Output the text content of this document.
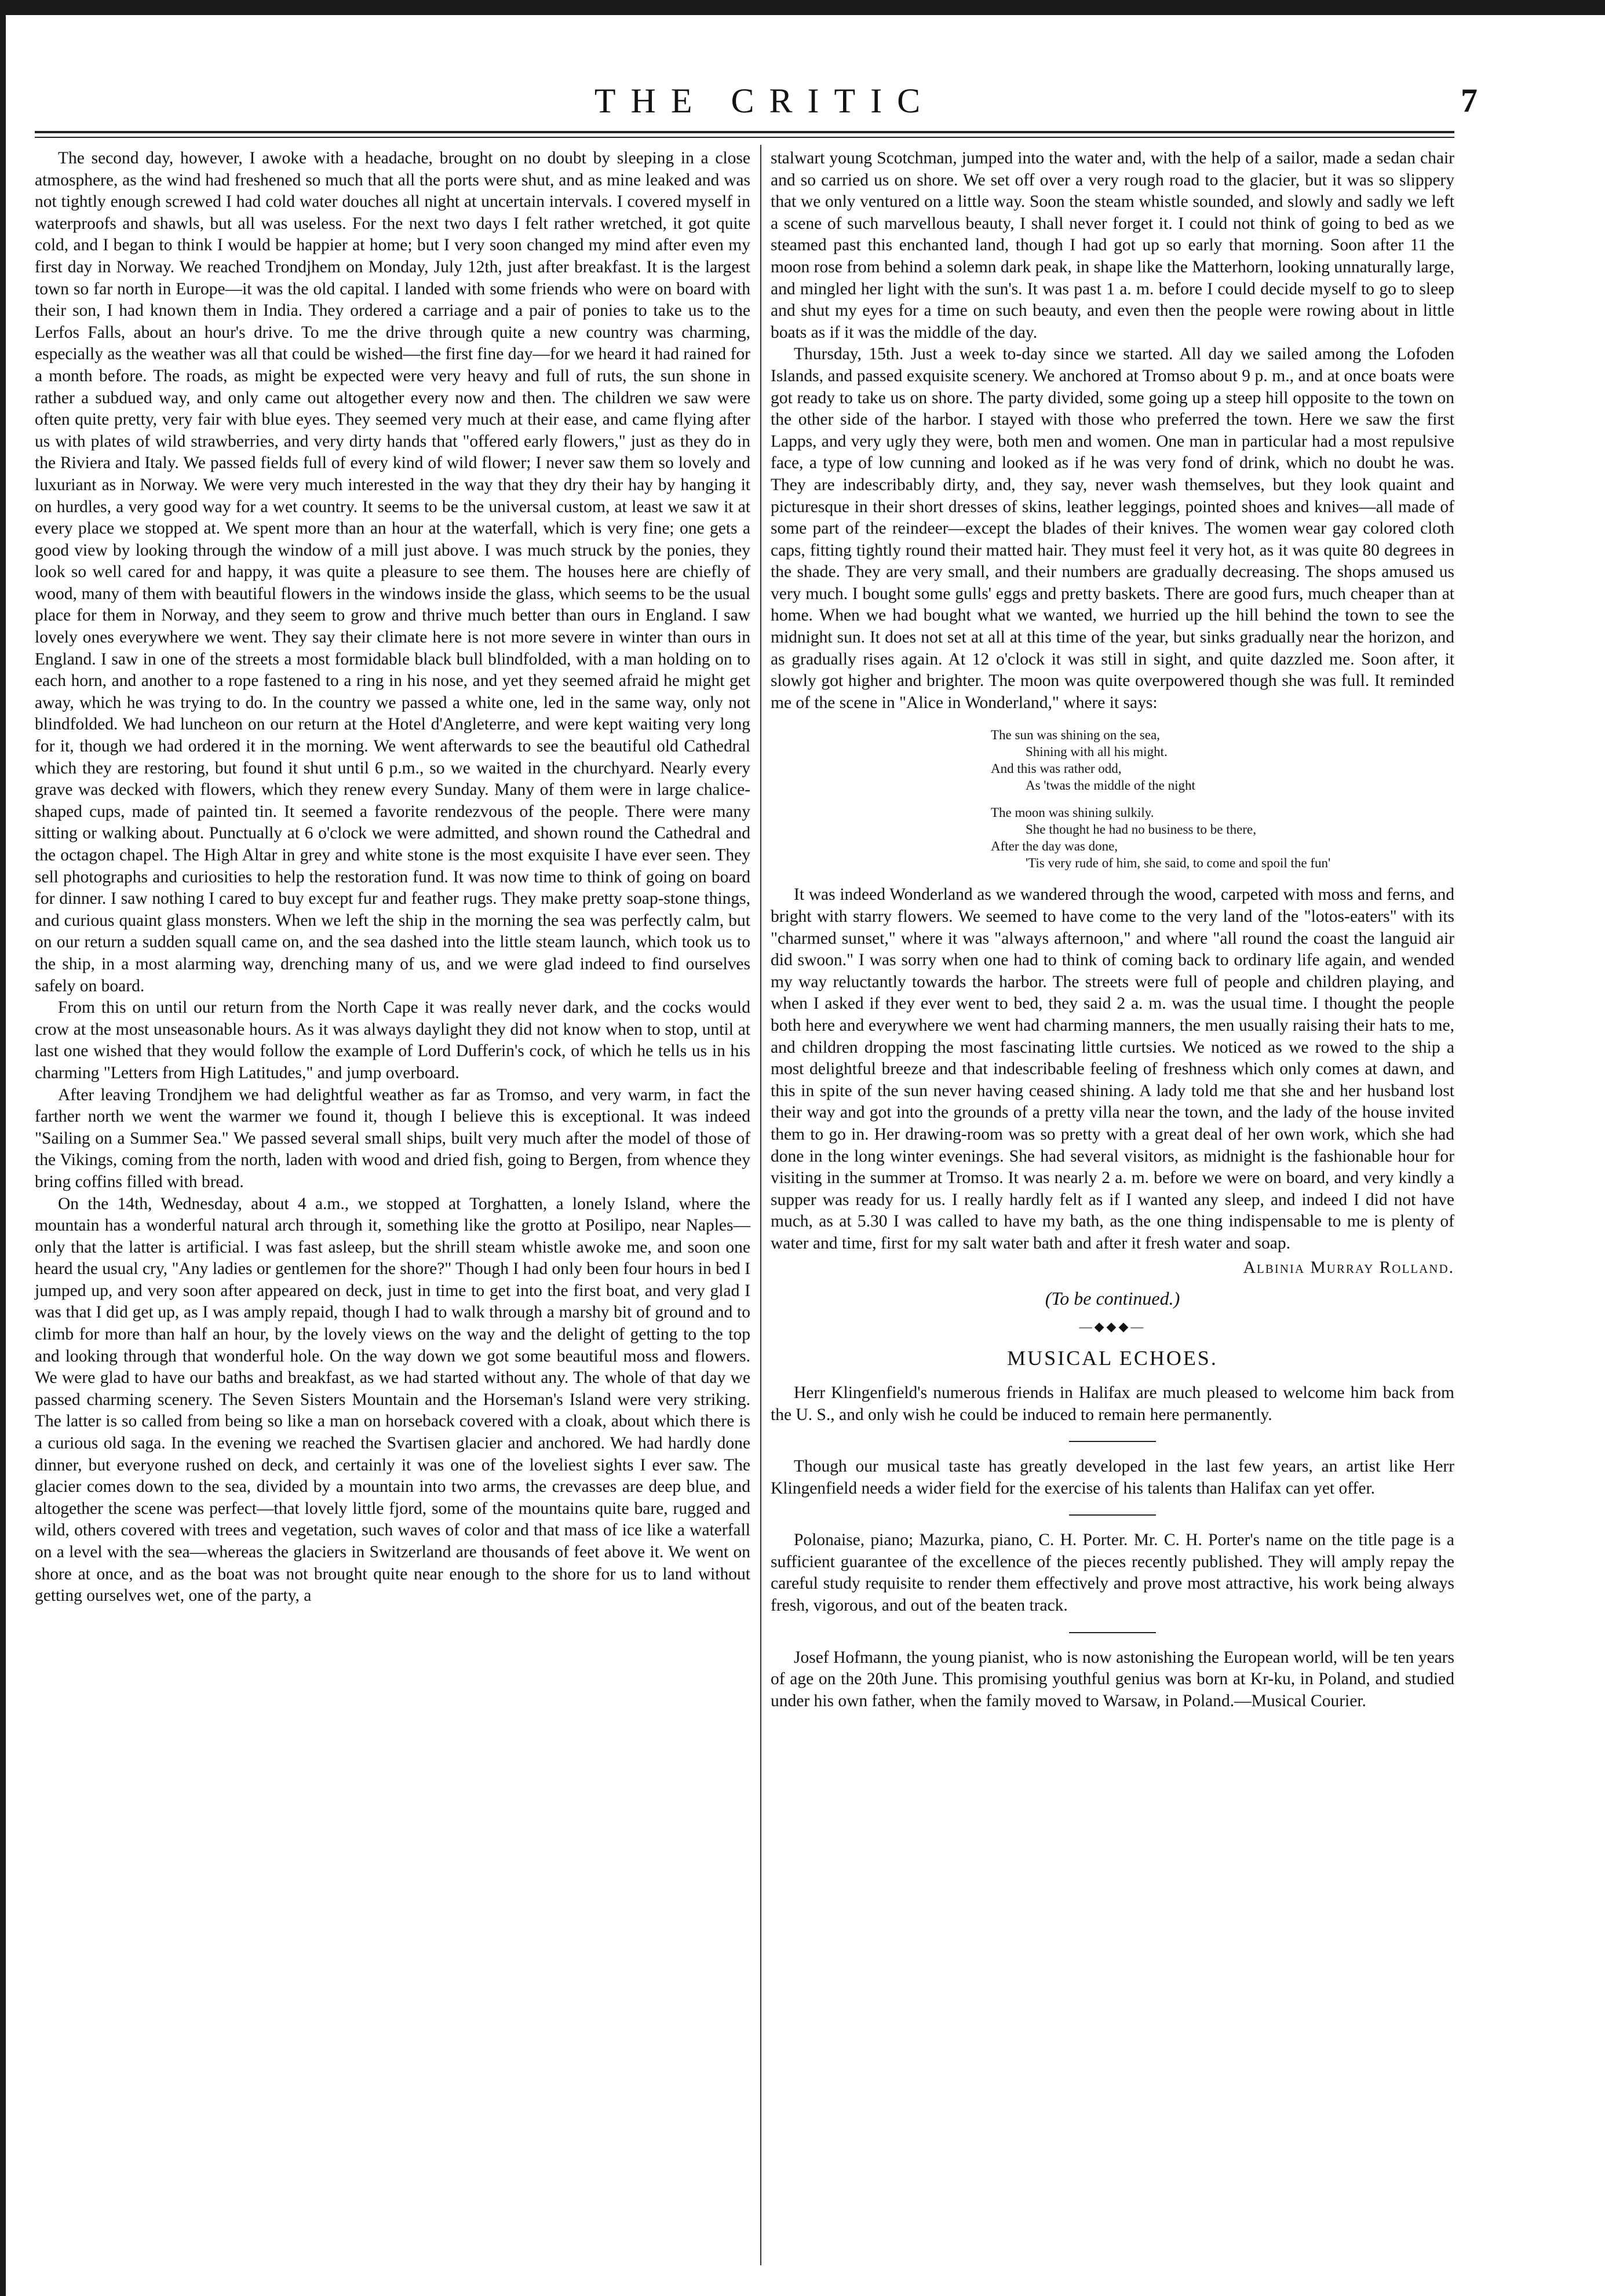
THE CRITIC	7

The second day, however, I awoke with a headache, brought on no doubt by sleeping in a close atmosphere, as the wind had freshened so much that all the ports were shut, and as mine leaked and was not tightly enough screwed I had cold water douches all night at uncertain intervals. I covered myself in waterproofs and shawls, but all was useless. For the next two days I felt rather wretched, it got quite cold, and I began to think I would be happier at home; but I very soon changed my mind after even my first day in Norway. We reached Trondjhem on Monday, July 12th, just after breakfast. It is the largest town so far north in Europe—it was the old capital. I landed with some friends who were on board with their son, I had known them in India. They ordered a carriage and a pair of ponies to take us to the Lerfos Falls, about an hour's drive. To me the drive through quite a new country was charming, especially as the weather was all that could be wished—the first fine day—for we heard it had rained for a month before. The roads, as might be expected were very heavy and full of ruts, the sun shone in rather a subdued way, and only came out altogether every now and then. The children we saw were often quite pretty, very fair with blue eyes. They seemed very much at their ease, and came flying after us with plates of wild strawberries, and very dirty hands that "offered early flowers," just as they do in the Riviera and Italy. We passed fields full of every kind of wild flower; I never saw them so lovely and luxuriant as in Norway. We were very much interested in the way that they dry their hay by hanging it on hurdles, a very good way for a wet country. It seems to be the universal custom, at least we saw it at every place we stopped at. We spent more than an hour at the waterfall, which is very fine; one gets a good view by looking through the window of a mill just above. I was much struck by the ponies, they look so well cared for and happy, it was quite a pleasure to see them. The houses here are chiefly of wood, many of them with beautiful flowers in the windows inside the glass, which seems to be the usual place for them in Norway, and they seem to grow and thrive much better than ours in England. I saw lovely ones everywhere we went. They say their climate here is not more severe in winter than ours in England. I saw in one of the streets a most formidable black bull blindfolded, with a man holding on to each horn, and another to a rope fastened to a ring in his nose, and yet they seemed afraid he might get away, which he was trying to do. In the country we passed a white one, led in the same way, only not blindfolded. We had luncheon on our return at the Hotel d'Angleterre, and were kept waiting very long for it, though we had ordered it in the morning. We went afterwards to see the beautiful old Cathedral which they are restoring, but found it shut until 6 p.m., so we waited in the churchyard. Nearly every grave was decked with flowers, which they renew every Sunday. Many of them were in large chalice-shaped cups, made of painted tin. It seemed a favorite rendezvous of the people. There were many sitting or walking about. Punctually at 6 o'clock we were admitted, and shown round the Cathedral and the octagon chapel. The High Altar in grey and white stone is the most exquisite I have ever seen. They sell photographs and curiosities to help the restoration fund. It was now time to think of going on board for dinner. I saw nothing I cared to buy except fur and feather rugs. They make pretty soap-stone things, and curious quaint glass monsters. When we left the ship in the morning the sea was perfectly calm, but on our return a sudden squall came on, and the sea dashed into the little steam launch, which took us to the ship, in a most alarming way, drenching many of us, and we were glad indeed to find ourselves safely on board.

From this on until our return from the North Cape it was really never dark, and the cocks would crow at the most unseasonable hours. As it was always daylight they did not know when to stop, until at last one wished that they would follow the example of Lord Dufferin's cock, of which he tells us in his charming "Letters from High Latitudes," and jump overboard.

After leaving Trondjhem we had delightful weather as far as Tromso, and very warm, in fact the farther north we went the warmer we found it, though I believe this is exceptional. It was indeed "Sailing on a Summer Sea." We passed several small ships, built very much after the model of those of the Vikings, coming from the north, laden with wood and dried fish, going to Bergen, from whence they bring coffins filled with bread.

On the 14th, Wednesday, about 4 a.m., we stopped at Torghatten, a lonely Island, where the mountain has a wonderful natural arch through it, something like the grotto at Posilipo, near Naples—only that the latter is artificial. I was fast asleep, but the shrill steam whistle awoke me, and soon one heard the usual cry, "Any ladies or gentlemen for the shore?" Though I had only been four hours in bed I jumped up, and very soon after appeared on deck, just in time to get into the first boat, and very glad I was that I did get up, as I was amply repaid, though I had to walk through a marshy bit of ground and to climb for more than half an hour, by the lovely views on the way and the delight of getting to the top and looking through that wonderful hole. On the way down we got some beautiful moss and flowers. We were glad to have our baths and breakfast, as we had started without any. The whole of that day we passed charming scenery. The Seven Sisters Mountain and the Horseman's Island were very striking. The latter is so called from being so like a man on horseback covered with a cloak, about which there is a curious old saga. In the evening we reached the Svartisen glacier and anchored. We had hardly done dinner, but everyone rushed on deck, and certainly it was one of the loveliest sights I ever saw. The glacier comes down to the sea, divided by a mountain into two arms, the crevasses are deep blue, and altogether the scene was perfect—that lovely little fjord, some of the mountains quite bare, rugged and wild, others covered with trees and vegetation, such waves of color and that mass of ice like a waterfall on a level with the sea—whereas the glaciers in Switzerland are thousands of feet above it. We went on shore at once, and as the boat was not brought quite near enough to the shore for us to land without getting ourselves wet, one of the party, a

stalwart young Scotchman, jumped into the water and, with the help of a sailor, made a sedan chair and so carried us on shore. We set off over a very rough road to the glacier, but it was so slippery that we only ventured on a little way. Soon the steam whistle sounded, and slowly and sadly we left a scene of such marvellous beauty, I shall never forget it. I could not think of going to bed as we steamed past this enchanted land, though I had got up so early that morning. Soon after 11 the moon rose from behind a solemn dark peak, in shape like the Matterhorn, looking unnaturally large, and mingled her light with the sun's. It was past 1 a. m. before I could decide myself to go to sleep and shut my eyes for a time on such beauty, and even then the people were rowing about in little boats as if it was the middle of the day.

Thursday, 15th. Just a week to-day since we started. All day we sailed among the Lofoden Islands, and passed exquisite scenery. We anchored at Tromso about 9 p. m., and at once boats were got ready to take us on shore. The party divided, some going up a steep hill opposite to the town on the other side of the harbor. I stayed with those who preferred the town. Here we saw the first Lapps, and very ugly they were, both men and women. One man in particular had a most repulsive face, a type of low cunning and looked as if he was very fond of drink, which no doubt he was. They are indescribably dirty, and, they say, never wash themselves, but they look quaint and picturesque in their short dresses of skins, leather leggings, pointed shoes and knives—all made of some part of the reindeer—except the blades of their knives. The women wear gay colored cloth caps, fitting tightly round their matted hair. They must feel it very hot, as it was quite 80 degrees in the shade. They are very small, and their numbers are gradually decreasing. The shops amused us very much. I bought some gulls' eggs and pretty baskets. There are good furs, much cheaper than at home. When we had bought what we wanted, we hurried up the hill behind the town to see the midnight sun. It does not set at all at this time of the year, but sinks gradually near the horizon, and as gradually rises again. At 12 o'clock it was still in sight, and quite dazzled me. Soon after, it slowly got higher and brighter. The moon was quite overpowered though she was full. It reminded me of the scene in "Alice in Wonderland," where it says:

The sun was shining on the sea,
Shining with all his might.
And this was rather odd,
As 'twas the middle of the night
The moon was shining sulkily.
She thought he had no business to be there,
After the day was done,
'Tis very rude of him, she said, to come and spoil the fun'

It was indeed Wonderland as we wandered through the wood, carpeted with moss and ferns, and bright with starry flowers. We seemed to have come to the very land of the "lotos-eaters" with its "charmed sunset," where it was "always afternoon," and where "all round the coast the languid air did swoon." I was sorry when one had to think of coming back to ordinary life again, and wended my way reluctantly towards the harbor. The streets were full of people and children playing, and when I asked if they ever went to bed, they said 2 a. m. was the usual time. I thought the people both here and everywhere we went had charming manners, the men usually raising their hats to me, and children dropping the most fascinating little curtsies. We noticed as we rowed to the ship a most delightful breeze and that indescribable feeling of freshness which only comes at dawn, and this in spite of the sun never having ceased shining. A lady told me that she and her husband lost their way and got into the grounds of a pretty villa near the town, and the lady of the house invited them to go in. Her drawing-room was so pretty with a great deal of her own work, which she had done in the long winter evenings. She had several visitors, as midnight is the fashionable hour for visiting in the summer at Tromso. It was nearly 2 a. m. before we were on board, and very kindly a supper was ready for us. I really hardly felt as if I wanted any sleep, and indeed I did not have much, as at 5.30 I was called to have my bath, as the one thing indispensable to me is plenty of water and time, first for my salt water bath and after it fresh water and soap.

Albinia Murray Rolland.

(To be continued.)

—◆◆◆—

MUSICAL ECHOES.

Herr Klingenfield's numerous friends in Halifax are much pleased to welcome him back from the U. S., and only wish he could be induced to remain here permanently.

Though our musical taste has greatly developed in the last few years, an artist like Herr Klingenfield needs a wider field for the exercise of his talents than Halifax can yet offer.

Polonaise, piano; Mazurka, piano, C. H. Porter. Mr. C. H. Porter's name on the title page is a sufficient guarantee of the excellence of the pieces recently published. They will amply repay the careful study requisite to render them effectively and prove most attractive, his work being always fresh, vigorous, and out of the beaten track.

Josef Hofmann, the young pianist, who is now astonishing the European world, will be ten years of age on the 20th June. This promising youthful genius was born at Kr-ku, in Poland, and studied under his own father, when the family moved to Warsaw, in Poland.—Musical Courier.
